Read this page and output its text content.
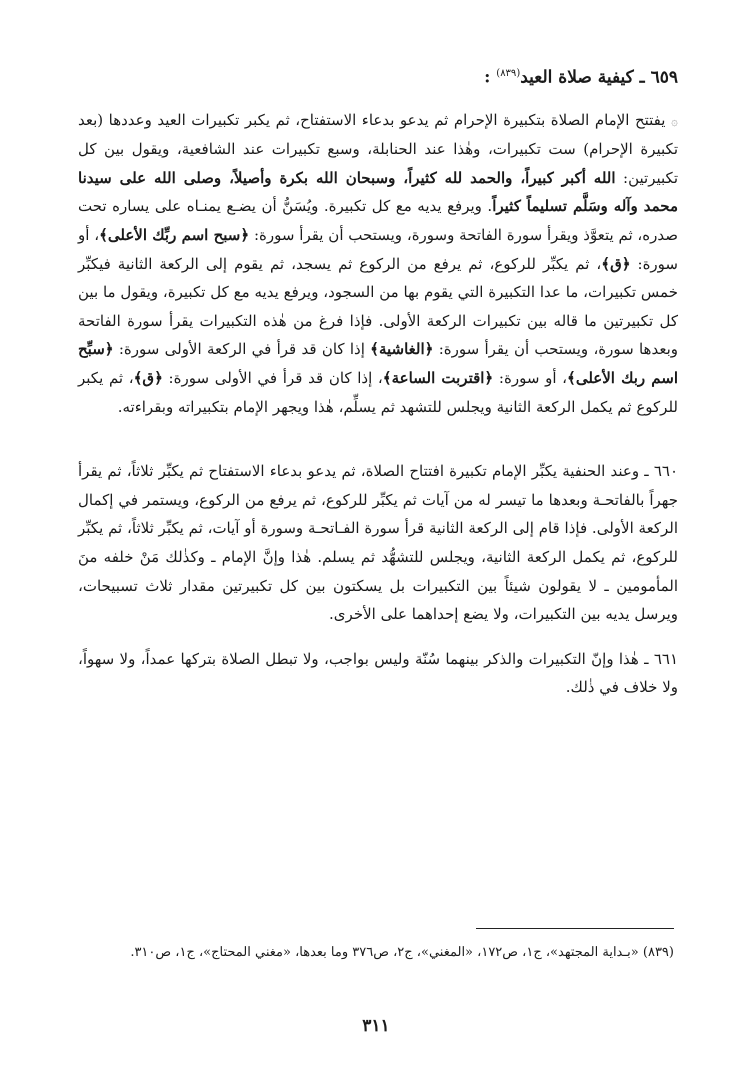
٦٥٩ ـ كيفية صلاة العيد$^{(٨٣٩)}$ :

۞ يفتتح الإمام الصلاة بتكبيرة الإحرام ثم يدعو بدعاء الاستفتاح، ثم يكبر تكبيرات العيد وعددها (بعد تكبيرة الإحرام) ست تكبيرات، وهٰذا عند الحنابلة، وسبع تكبيرات عند الشافعية، ويقول بين كل تكبيرتين: الله أكبر كبيراً، والحمد لله كثيراً، وسبحان الله بكرة وأصيلاً، وصلى الله على سيدنا محمد وآله وسَلَّم تسليماً كثيراً. ويرفع يديه مع كل تكبيرة. ويُسَنُّ أن يضـع يمنـاه على يساره تحت صدره، ثم يتعوَّذ ويقرأ سورة الفاتحة وسورة، ويستحب أن يقرأ سورة: ﴿سبح اسم ربِّك الأعلى﴾، أو سورة: ﴿ق﴾، ثم يكبِّر للركوع، ثم يرفع من الركوع ثم يسجد، ثم يقوم إلى الركعة الثانية فيكبِّر خمس تكبيرات، ما عدا التكبيرة التي يقوم بها من السجود، ويرفع يديه مع كل تكبيرة، ويقول ما بين كل تكبيرتين ما قاله بين تكبيرات الركعة الأولى. فإذا فرغ من هٰذه التكبيرات يقرأ سورة الفاتحة وبعدها سورة، ويستحب أن يقرأ سورة: ﴿الغاشية﴾ إذا كان قد قرأ في الركعة الأولى سورة: ﴿سبِّح اسم ربك الأعلى﴾، أو سورة: ﴿اقتربت الساعة﴾، إذا كان قد قرأ في الأولى سورة: ﴿ق﴾، ثم يكبر للركوع ثم يكمل الركعة الثانية ويجلس للتشهد ثم يسلِّم، هٰذا ويجهر الإمام بتكبيراته وبقراءته.

٦٦٠ ـ وعند الحنفية يكبِّر الإمام تكبيرة افتتاح الصلاة، ثم يدعو بدعاء الاستفتاح ثم يكبِّر ثلاثاً، ثم يقرأ جهراً بالفاتحـة وبعدها ما تيسر له من آيات ثم يكبِّر للركوع، ثم يرفع من الركوع، ويستمر في إكمال الركعة الأولى. فإذا قام إلى الركعة الثانية قرأ سورة الفـاتحـة وسورة أو آيات، ثم يكبِّر ثلاثاً، ثم يكبِّر للركوع، ثم يكمل الركعة الثانية، ويجلس للتشهُّد ثم يسلم. هٰذا وإنَّ الإمام ـ وكذٰلك مَنْ خلفه منَ المأمومين ـ لا يقولون شيئاً بين التكبيرات بل يسكتون بين كل تكبيرتين مقدار ثلاث تسبيحات، ويرسل يديه بين التكبيرات، ولا يضع إحداهما على الأخرى.

٦٦١ ـ هٰذا وإنّ التكبيرات والذكر بينهما سُنّة وليس بواجب، ولا تبطل الصلاة بتركها عمداً، ولا سهواً، ولا خلاف في ذٰلك.

(٨٣٩) «بـداية المجتهد»، ج١، ص١٧٢، «المغني»، ج٢، ص٣٧٦ وما بعدها، «مغني المحتاج»، ج١، ص٣١٠.

٣١١
